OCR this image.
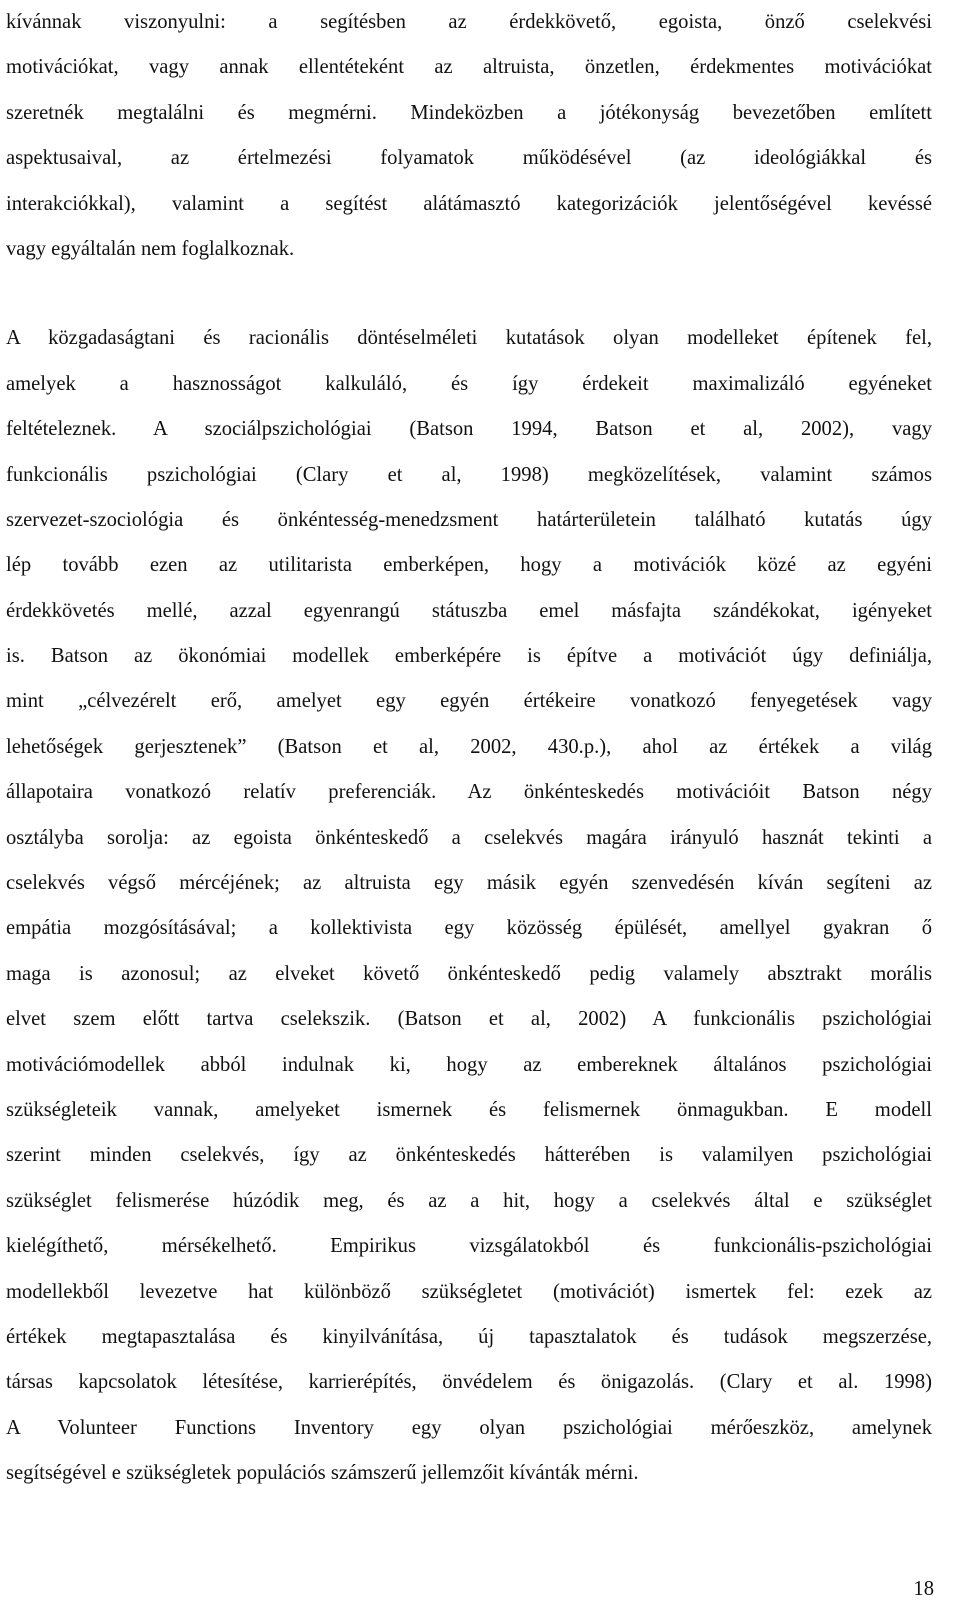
kívánnak viszonyulni: a segítésben az érdekkövető, egoista, önző cselekvési
motivációkat, vagy annak ellentéteként az altruista, önzetlen, érdekmentes motivációkat
szeretnék megtalálni és megmérni. Mindeközben a jótékonyság bevezetőben említett
aspektusaival, az értelmezési folyamatok működésével (az ideológiákkal és
interakciókkal), valamint a segítést alátámasztó kategorizációk jelentőségével kevéssé
vagy egyáltalán nem foglalkoznak.

A közgadaságtani és racionális döntéselméleti kutatások olyan modelleket építenek fel,
amelyek a hasznosságot kalkuláló, és így érdekeit maximalizáló egyéneket
feltételeznek. A szociálpszichológiai (Batson 1994, Batson et al, 2002), vagy
funkcionális pszichológiai (Clary et al, 1998) megközelítések, valamint számos
szervezet-szociológia és önkéntesség-menedzsment határterületein található kutatás úgy
lép tovább ezen az utilitarista emberképen, hogy a motivációk közé az egyéni
érdekkövetés mellé, azzal egyenrangú státuszba emel másfajta szándékokat, igényeket
is. Batson az ökonómiai modellek emberképére is építve a motivációt úgy definiálja,
mint „célvezérelt erő, amelyet egy egyén értékeire vonatkozó fenyegetések vagy
lehetőségek gerjesztenek” (Batson et al, 2002, 430.p.), ahol az értékek a világ
állapotaira vonatkozó relatív preferenciák. Az önkénteskedés motivációit Batson négy
osztályba sorolja: az egoista önkénteskedő a cselekvés magára irányuló hasznát tekinti a
cselekvés végső mércéjének; az altruista egy másik egyén szenvedésén kíván segíteni az
empátia mozgósításával; a kollektivista egy közösség épülését, amellyel gyakran ő
maga is azonosul; az elveket követő önkénteskedő pedig valamely absztrakt morális
elvet szem előtt tartva cselekszik. (Batson et al, 2002) A funkcionális pszichológiai
motivációmodellek abból indulnak ki, hogy az embereknek általános pszichológiai
szükségleteik vannak, amelyeket ismernek és felismernek önmagukban. E modell
szerint minden cselekvés, így az önkénteskedés hátterében is valamilyen pszichológiai
szükséglet felismerése húzódik meg, és az a hit, hogy a cselekvés által e szükséglet
kielégíthető, mérsékelhető. Empirikus vizsgálatokból és funkcionális-pszichológiai
modellekből levezetve hat különböző szükségletet (motivációt) ismertek fel: ezek az
értékek megtapasztalása és kinyilvánítása, új tapasztalatok és tudások megszerzése,
társas kapcsolatok létesítése, karrierépítés, önvédelem és önigazolás. (Clary et al. 1998)
A Volunteer Functions Inventory egy olyan pszichológiai mérőeszköz, amelynek
segítségével e szükségletek populációs számszerű jellemzőit kívánták mérni.

18
